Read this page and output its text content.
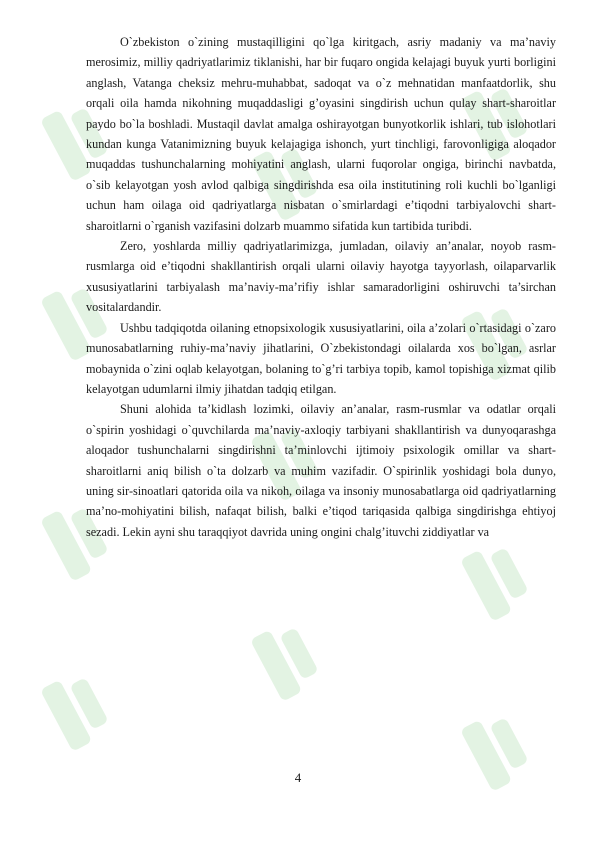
O`zbekiston o`zining mustaqilligini qo`lga kiritgach, asriy madaniy va ma’naviy merosimiz, milliy qadriyatlarimiz tiklanishi, har bir fuqaro ongida kelajagi buyuk yurti borligini anglash, Vatanga cheksiz mehru-muhabbat, sadoqat va o`z mehnatidan manfaatdorlik, shu orqali oila hamda nikohning muqaddasligi g’oyasini singdirish uchun qulay shart-sharoitlar paydo bo`la boshladi. Mustaqil davlat amalga oshirayotgan bunyotkorlik ishlari, tub islohotlari kundan kunga Vatanimizning buyuk kelajagiga ishonch, yurt tinchligi, farovonligiga aloqador muqaddas tushunchalarning mohiyatini anglash, ularni fuqorolar ongiga, birinchi navbatda, o`sib kelayotgan yosh avlod qalbiga singdirishda esa oila institutining roli kuchli bo`lganligi uchun ham oilaga oid qadriyatlarga nisbatan o`smirlardagi e’tiqodni tarbiyalovchi shart-sharoitlarni o`rganish vazifasini dolzarb muammo sifatida kun tartibida turibdi.

Zero, yoshlarda milliy qadriyatlarimizga, jumladan, oilaviy an’analar, noyob rasm-rusmlarga oid e’tiqodni shakllantirish orqali ularni oilaviy hayotga tayyorlash, oilaparvarlik xususiyatlarini tarbiyalash ma’naviy-ma’rifiy ishlar samaradorligini oshiruvchi ta’sirchan vositalardandir.

Ushbu tadqiqotda oilaning etnopsixologik xususiyatlarini, oila a’zolari o`rtasidagi o`zaro munosabatlarning ruhiy-ma’naviy jihatlarini, O`zbekistondagi oilalarda xos bo`lgan, asrlar mobaynida o`zini oqlab kelayotgan, bolaning to`g’ri tarbiya topib, kamol topishiga xizmat qilib kelayotgan udumlarni ilmiy jihatdan tadqiq etilgan.

Shuni alohida ta’kidlash lozimki, oilaviy an’analar, rasm-rusmlar va odatlar orqali o`spirin yoshidagi o`quvchilarda ma’naviy-axloqiy tarbiyani shakllantirish va dunyoqarashga aloqador tushunchalarni singdirishni ta’minlovchi ijtimoiy psixologik omillar va shart-sharoitlarni aniq bilish o`ta dolzarb va muhim vazifadir. O`spirinlik yoshidagi bola dunyo, uning sir-sinoatlari qatorida oila va nikoh, oilaga va insoniy munosabatlarga oid qadriyatlarning ma’no-mohiyatini bilish, nafaqat bilish, balki e’tiqod tariqasida qalbiga singdirishga ehtiyoj sezadi. Lekin ayni shu taraqqiyot davrida uning ongini chalg’ituvchi ziddiyatlar va

4
